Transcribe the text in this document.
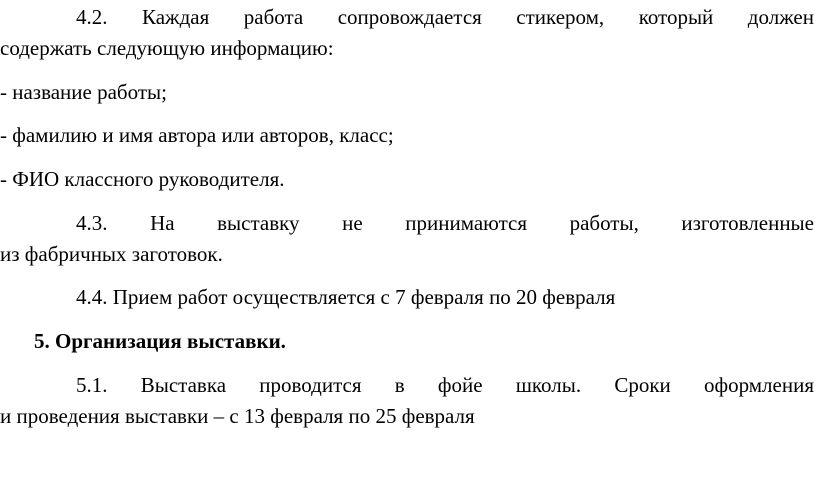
4.2. Каждая работа сопровождается стикером, который должен
содержать следующую информацию:
- название работы;
- фамилию и имя автора или авторов, класс;
- ФИО классного руководителя.
4.3. На выставку не принимаются работы, изготовленные
из фабричных заготовок.
4.4. Прием работ осуществляется с 7 февраля по 20 февраля
5. Организация выставки.
5.1. Выставка проводится в фойе школы. Сроки оформления
и проведения выставки – с 13 февраля по 25 февраля
